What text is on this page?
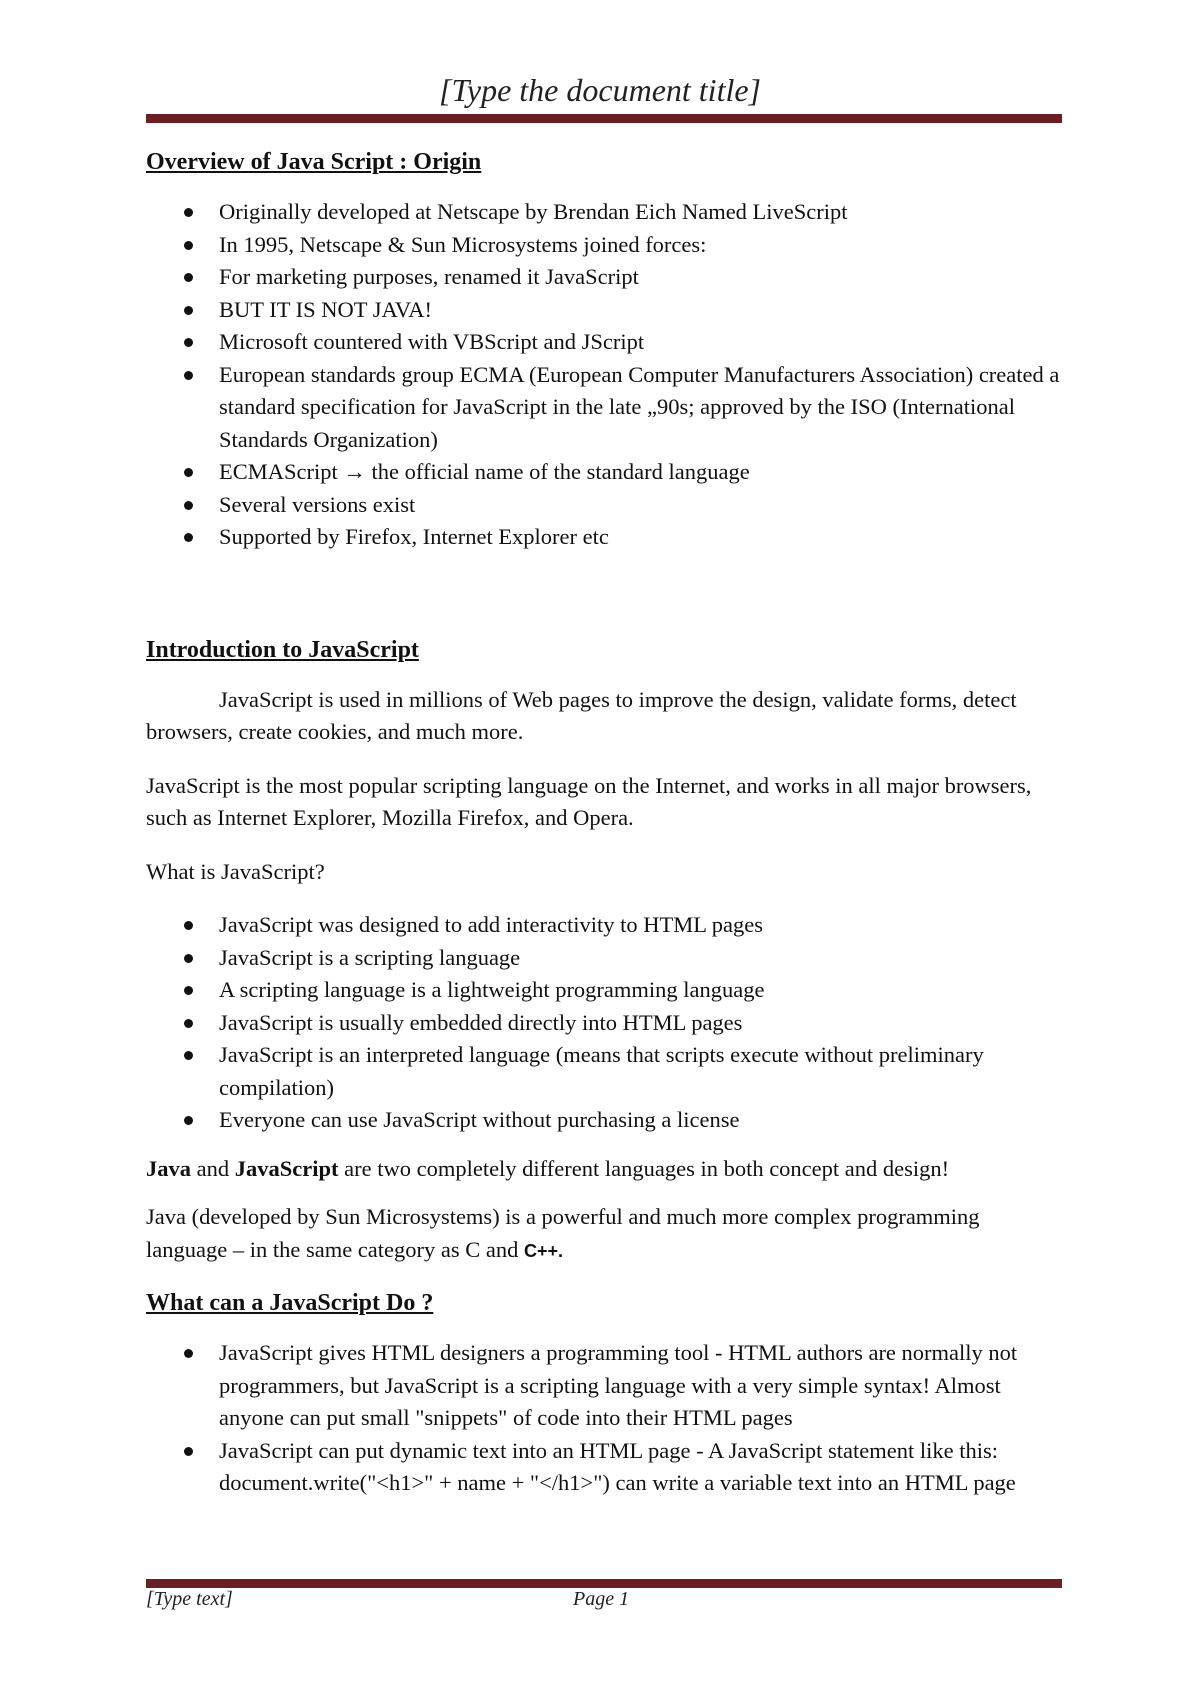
[Type the document title]
Overview of Java Script : Origin
Originally developed at Netscape by Brendan Eich Named LiveScript
In 1995, Netscape & Sun Microsystems joined forces:
For marketing purposes, renamed it JavaScript
BUT IT IS NOT JAVA!
Microsoft countered with VBScript and JScript
European standards group ECMA (European Computer Manufacturers Association) created a standard specification for JavaScript in the late „90s; approved by the ISO (International Standards Organization)
ECMAScript → the official name of the standard language
Several versions exist
Supported by Firefox, Internet Explorer etc
Introduction to JavaScript

JavaScript is used in millions of Web pages to improve the design, validate forms, detect browsers, create cookies, and much more.

JavaScript is the most popular scripting language on the Internet, and works in all major browsers, such as Internet Explorer, Mozilla Firefox, and Opera.

What is JavaScript?

JavaScript was designed to add interactivity to HTML pages
JavaScript is a scripting language
A scripting language is a lightweight programming language
JavaScript is usually embedded directly into HTML pages
JavaScript is an interpreted language (means that scripts execute without preliminary compilation)
Everyone can use JavaScript without purchasing a license

Java and JavaScript are two completely different languages in both concept and design!

Java (developed by Sun Microsystems) is a powerful and much more complex programming language – in the same category as C and C++.

What can a JavaScript Do ?
JavaScript gives HTML designers a programming tool - HTML authors are normally not programmers, but JavaScript is a scripting language with a very simple syntax! Almost anyone can put small "snippets" of code into their HTML pages
JavaScript can put dynamic text into an HTML page - A JavaScript statement like this: document.write("<h1>" + name + "</h1>") can write a variable text into an HTML page
[Type text]	Page 1
